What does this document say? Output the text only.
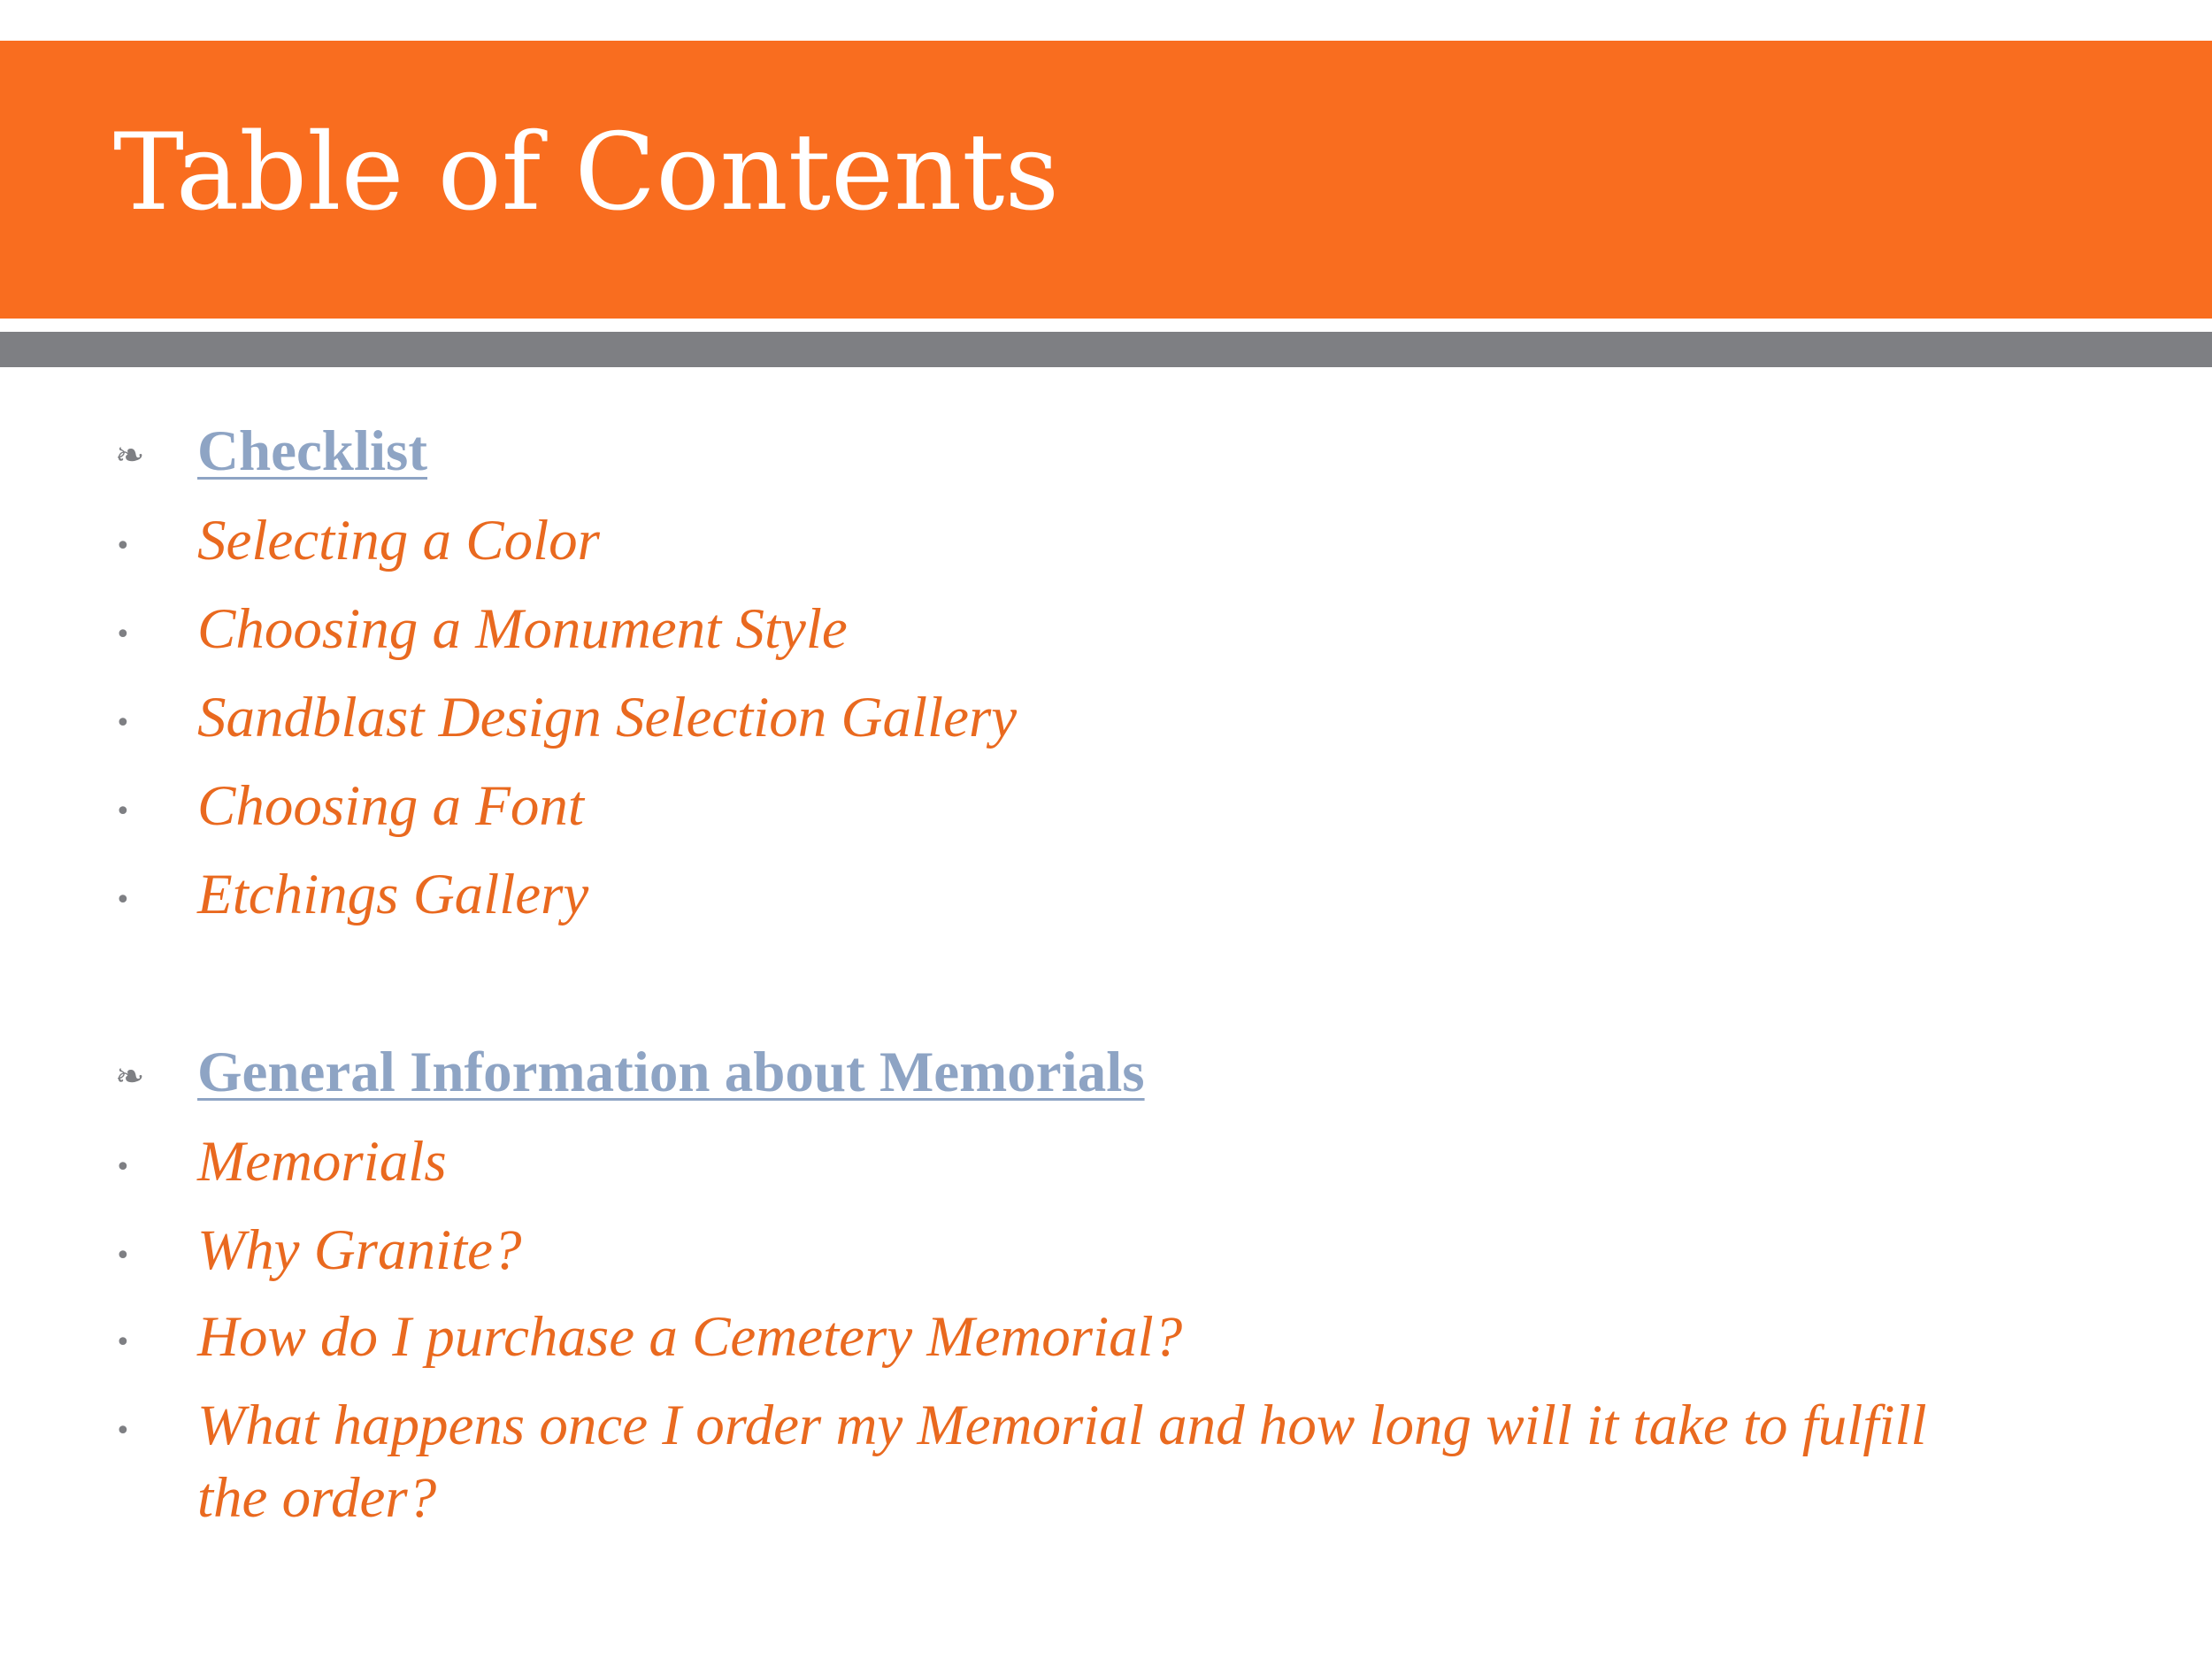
Table of Contents
❧ Checklist
• Selecting a Color

• Choosing a Monument Style

• Sandblast Design Selection Gallery

• Choosing a Font

• Etchings Gallery

❧ General Information about Memorials
• Memorials

• Why Granite?

• How do I purchase a Cemetery Memorial?

• What happens once I order my Memorial and how long will it take to fulfill the order?
